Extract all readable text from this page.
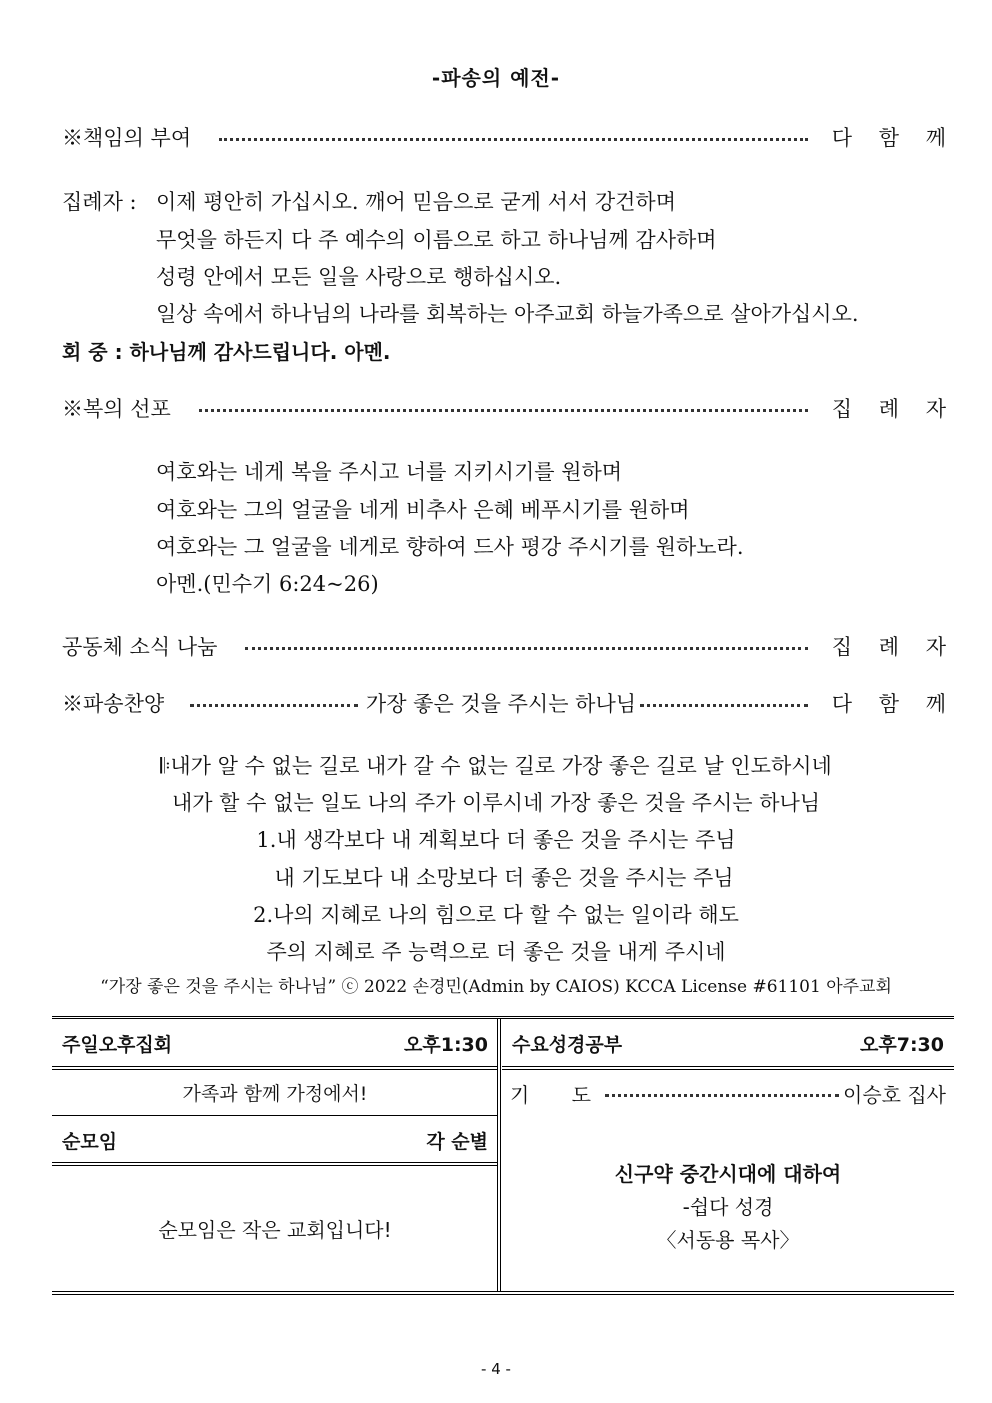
-파송의 예전-
※책임의 부여	다 함 께
집례자 : 이제 평안히 가십시오. 깨어 믿음으로 굳게 서서 강건하며
무엇을 하든지 다 주 예수의 이름으로 하고 하나님께 감사하며
성령 안에서 모든 일을 사랑으로 행하십시오.
일상 속에서 하나님의 나라를 회복하는 아주교회 하늘가족으로 살아가십시오.
회 중 : 하나님께 감사드립니다. 아멘.
※복의 선포	집 례 자
여호와는 네게 복을 주시고 너를 지키시기를 원하며
여호와는 그의 얼굴을 네게 비추사 은혜 베푸시기를 원하며
여호와는 그 얼굴을 네게로 향하여 드사 평강 주시기를 원하노라.
아멘.(민수기 6:24~26)
공동체 소식 나눔	집 례 자
※파송찬양	가장 좋은 것을 주시는 하나님	다 함 께
𝄆내가 알 수 없는 길로 내가 갈 수 없는 길로 가장 좋은 길로 날 인도하시네
내가 할 수 없는 일도 나의 주가 이루시네 가장 좋은 것을 주시는 하나님
1.내 생각보다 내 계획보다 더 좋은 것을 주시는 주님
내 기도보다 내 소망보다 더 좋은 것을 주시는 주님
2.나의 지혜로 나의 힘으로 다 할 수 없는 일이라 해도
주의 지혜로 주 능력으로 더 좋은 것을 내게 주시네
“가장 좋은 것을 주시는 하나님” ⓒ 2022 손경민(Admin by CAIOS) KCCA License #61101 아주교회
주일오후집회	오후1:30
가족과 함께 가정에서!
순모임	각 순별
순모임은 작은 교회입니다!
수요성경공부	오후7:30
기 도	이승호 집사
신구약 중간시대에 대하여
-쉽다 성경
〈서동용 목사〉
- 4 -
